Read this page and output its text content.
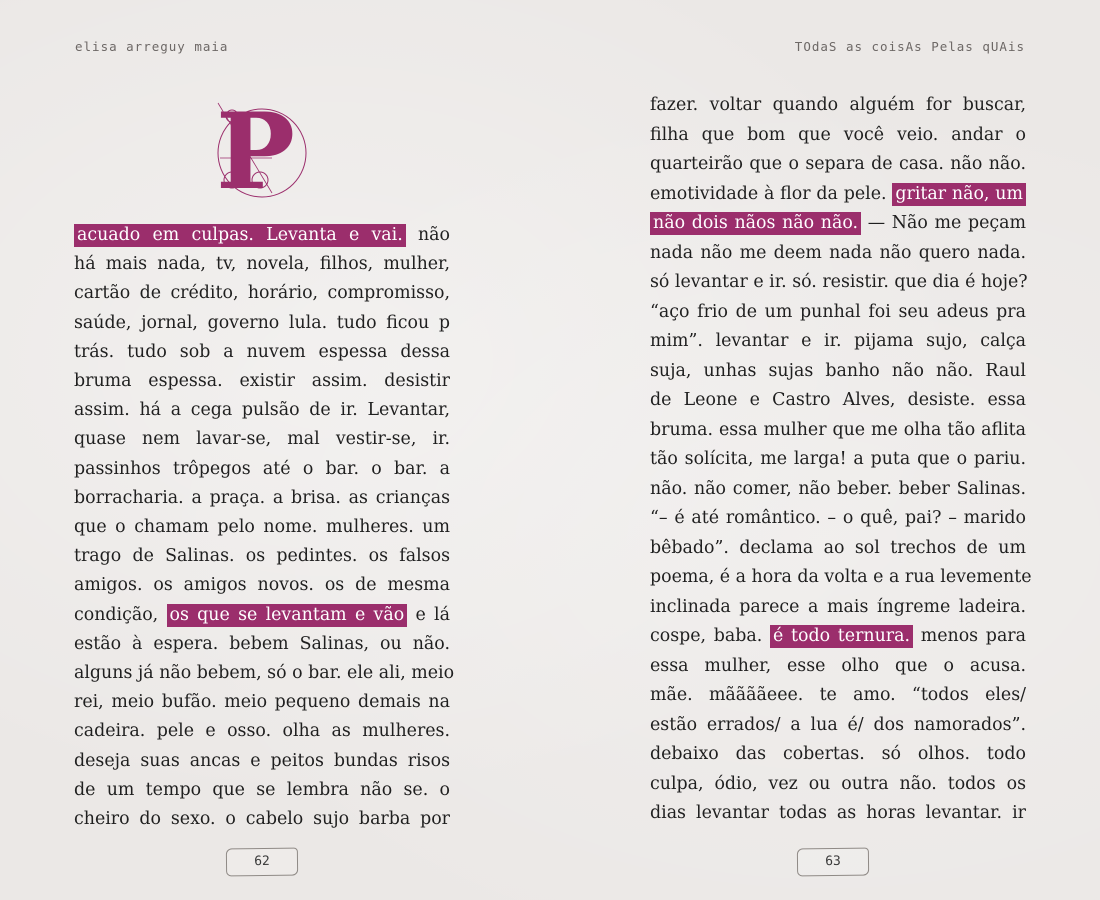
elisa arreguy maia	TOdaS as coisAs Pelas qUAis
P
acuado em culpas. Levanta e vai. não
há mais nada, tv, novela, filhos, mulher,
cartão de crédito, horário, compromisso,
saúde, jornal, governo lula. tudo ficou p
trás. tudo sob a nuvem espessa dessa
bruma espessa. existir assim. desistir
assim. há a cega pulsão de ir. Levantar,
quase nem lavar-se, mal vestir-se, ir.
passinhos trôpegos até o bar. o bar. a
borracharia. a praça. a brisa. as crianças
que o chamam pelo nome. mulheres. um
trago de Salinas. os pedintes. os falsos
amigos. os amigos novos. os de mesma
condição, os que se levantam e vão e lá
estão à espera. bebem Salinas, ou não.
alguns já não bebem, só o bar. ele ali, meio
rei, meio bufão. meio pequeno demais na
cadeira. pele e osso. olha as mulheres.
deseja suas ancas e peitos bundas risos
de um tempo que se lembra não se. o
cheiro do sexo. o cabelo sujo barba por
fazer. voltar quando alguém for buscar,
filha que bom que você veio. andar o
quarteirão que o separa de casa. não não.
emotividade à flor da pele. gritar não, um
não dois nãos não não. — Não me peçam
nada não me deem nada não quero nada.
só levantar e ir. só. resistir. que dia é hoje?
“aço frio de um punhal foi seu adeus pra
mim”. levantar e ir. pijama sujo, calça
suja, unhas sujas banho não não. Raul
de Leone e Castro Alves, desiste. essa
bruma. essa mulher que me olha tão aflita
tão solícita, me larga! a puta que o pariu.
não. não comer, não beber. beber Salinas.
“– é até romântico. – o quê, pai? – marido
bêbado”. declama ao sol trechos de um
poema, é a hora da volta e a rua levemente
inclinada parece a mais íngreme ladeira.
cospe, baba. é todo ternura. menos para
essa mulher, esse olho que o acusa.
mãe. mããããeee. te amo. “todos eles/
estão errados/ a lua é/ dos namorados”.
debaixo das cobertas. só olhos. todo
culpa, ódio, vez ou outra não. todos os
dias levantar todas as horas levantar. ir
62	63
